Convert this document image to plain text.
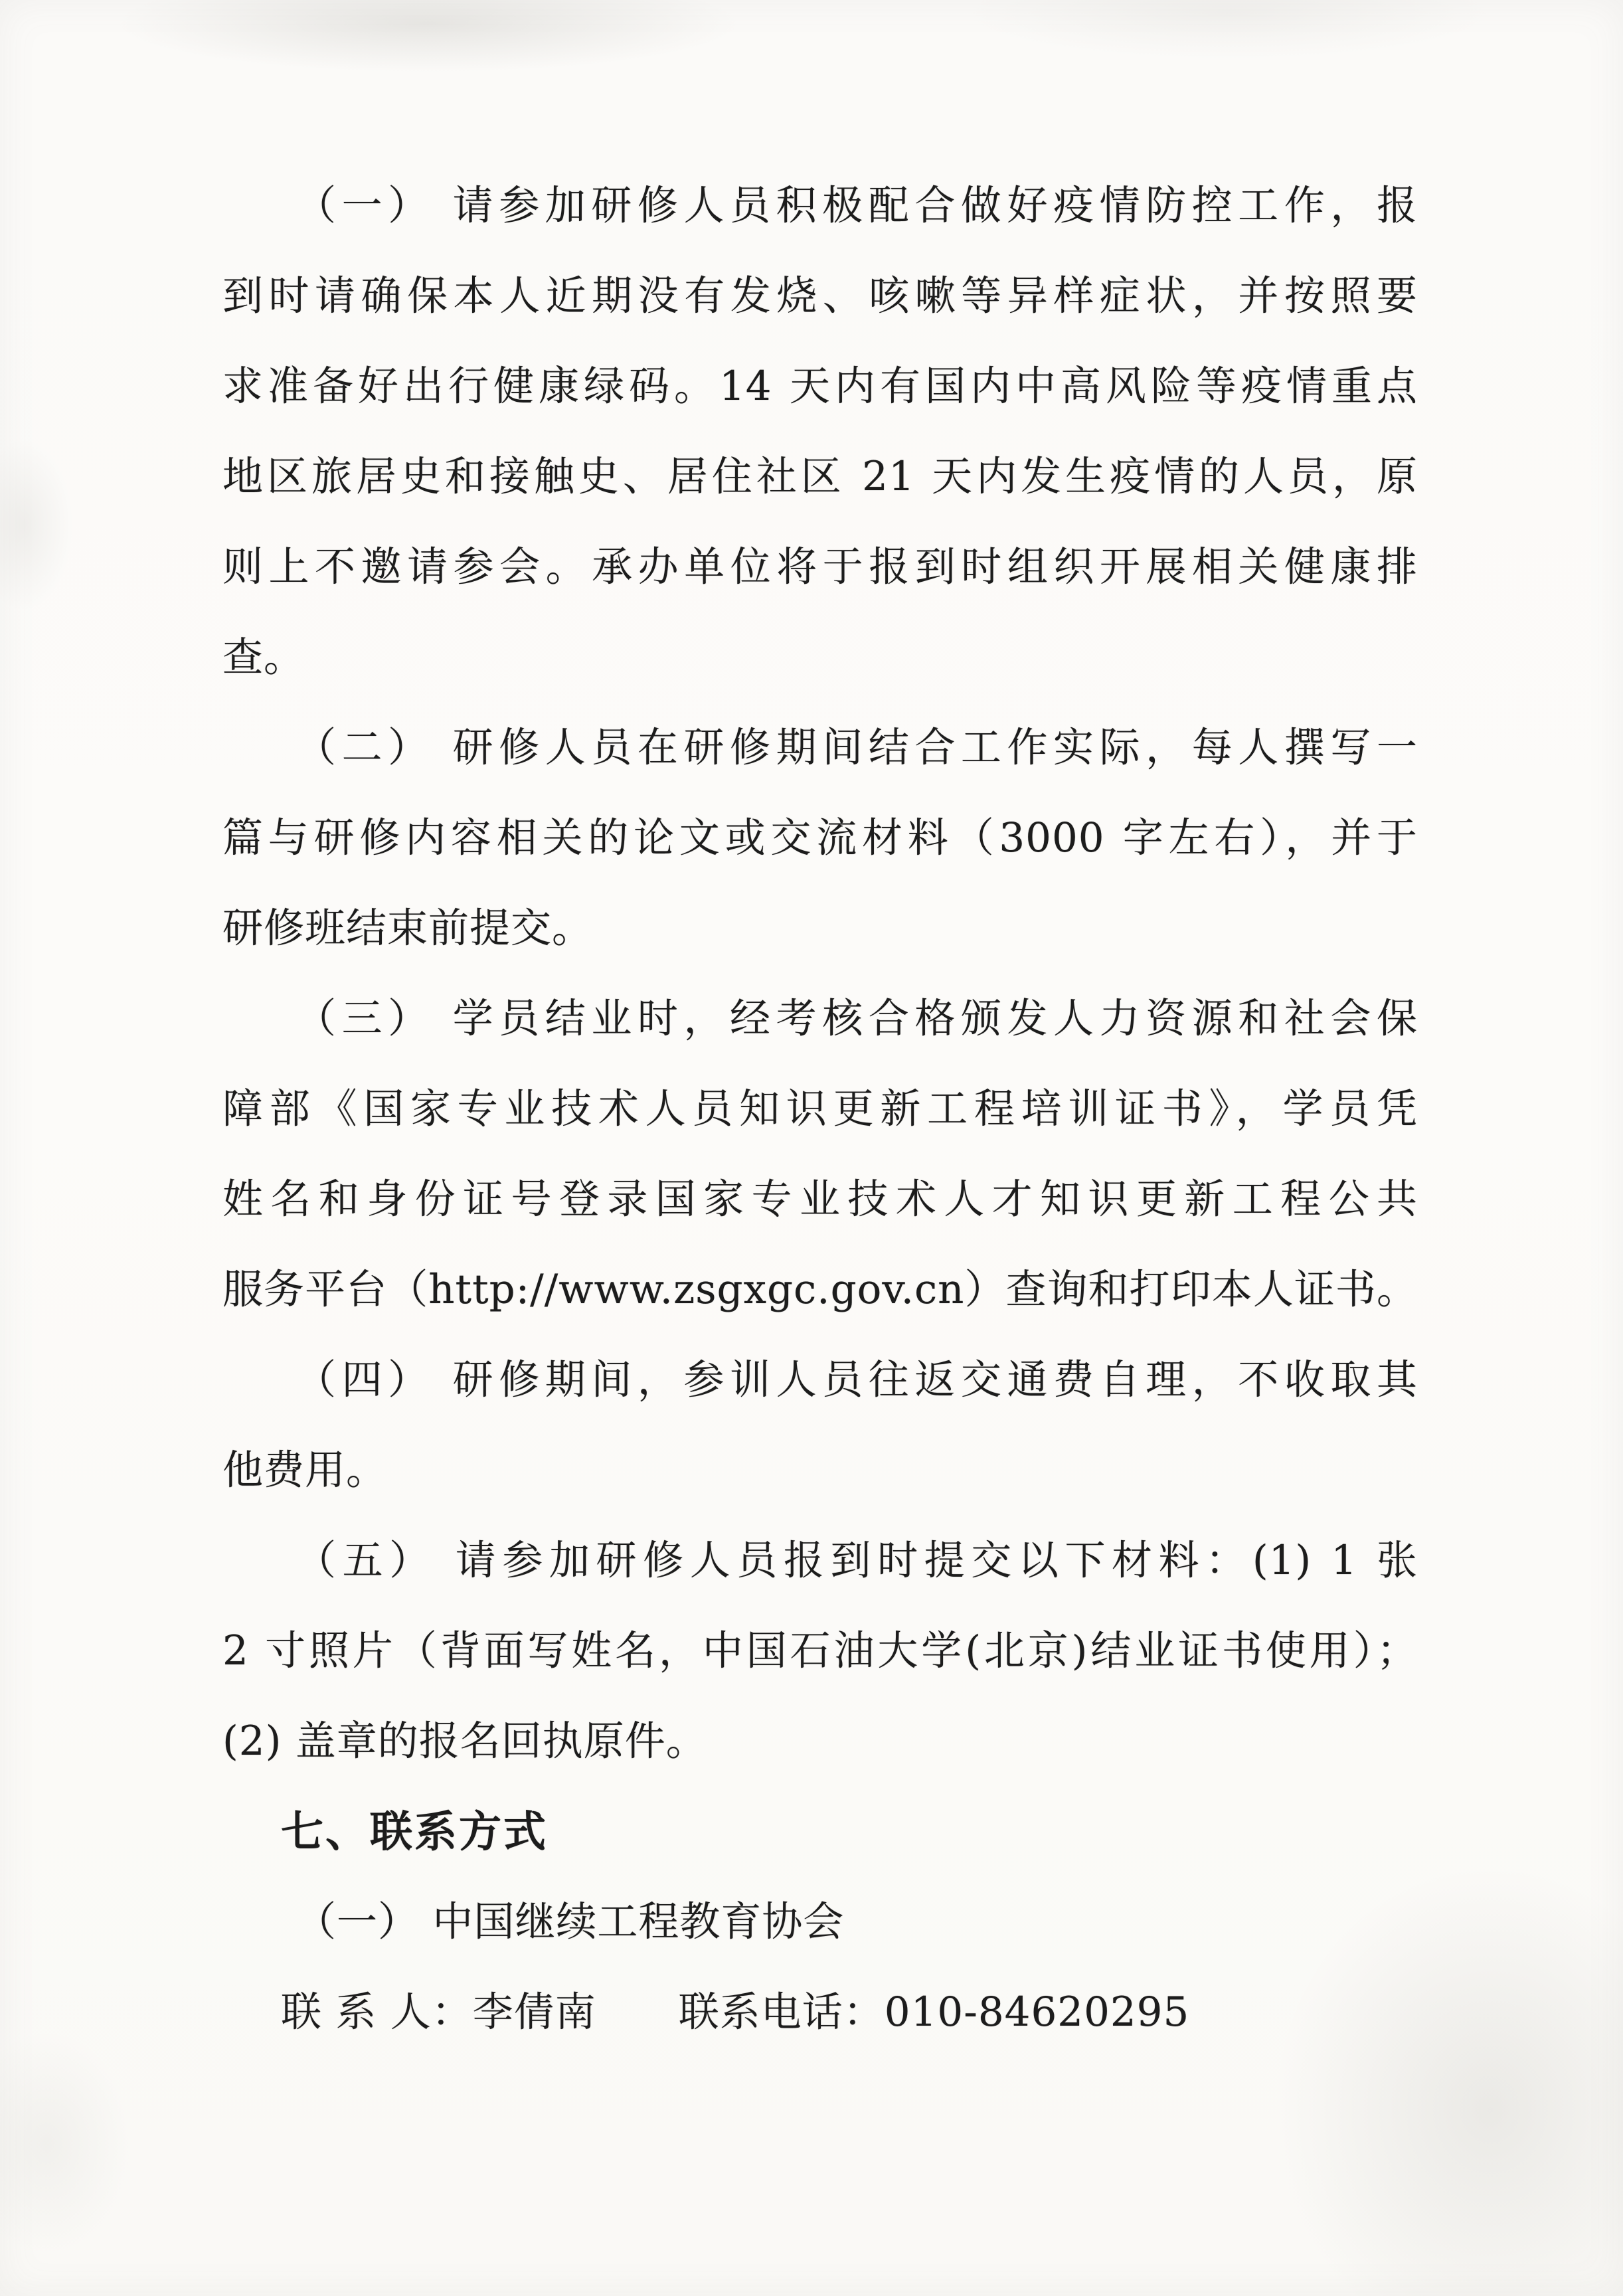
（一） 请参加研修人员积极配合做好疫情防控工作，报
到时请确保本人近期没有发烧、咳嗽等异样症状，并按照要
求准备好出行健康绿码。14 天内有国内中高风险等疫情重点
地区旅居史和接触史、居住社区 21 天内发生疫情的人员，原
则上不邀请参会。承办单位将于报到时组织开展相关健康排
查。
（二） 研修人员在研修期间结合工作实际，每人撰写一
篇与研修内容相关的论文或交流材料（3000 字左右），并于
研修班结束前提交。
（三） 学员结业时，经考核合格颁发人力资源和社会保
障部《国家专业技术人员知识更新工程培训证书》，学员凭
姓名和身份证号登录国家专业技术人才知识更新工程公共
服务平台（http://www.zsgxgc.gov.cn）查询和打印本人证书。
（四） 研修期间，参训人员往返交通费自理，不收取其
他费用。
（五） 请参加研修人员报到时提交以下材料：(1) 1 张
2 寸照片（背面写姓名，中国石油大学(北京)结业证书使用）；
(2) 盖章的报名回执原件。
七、联系方式
（一） 中国继续工程教育协会
联 系 人：李倩南　　联系电话：010-84620295
